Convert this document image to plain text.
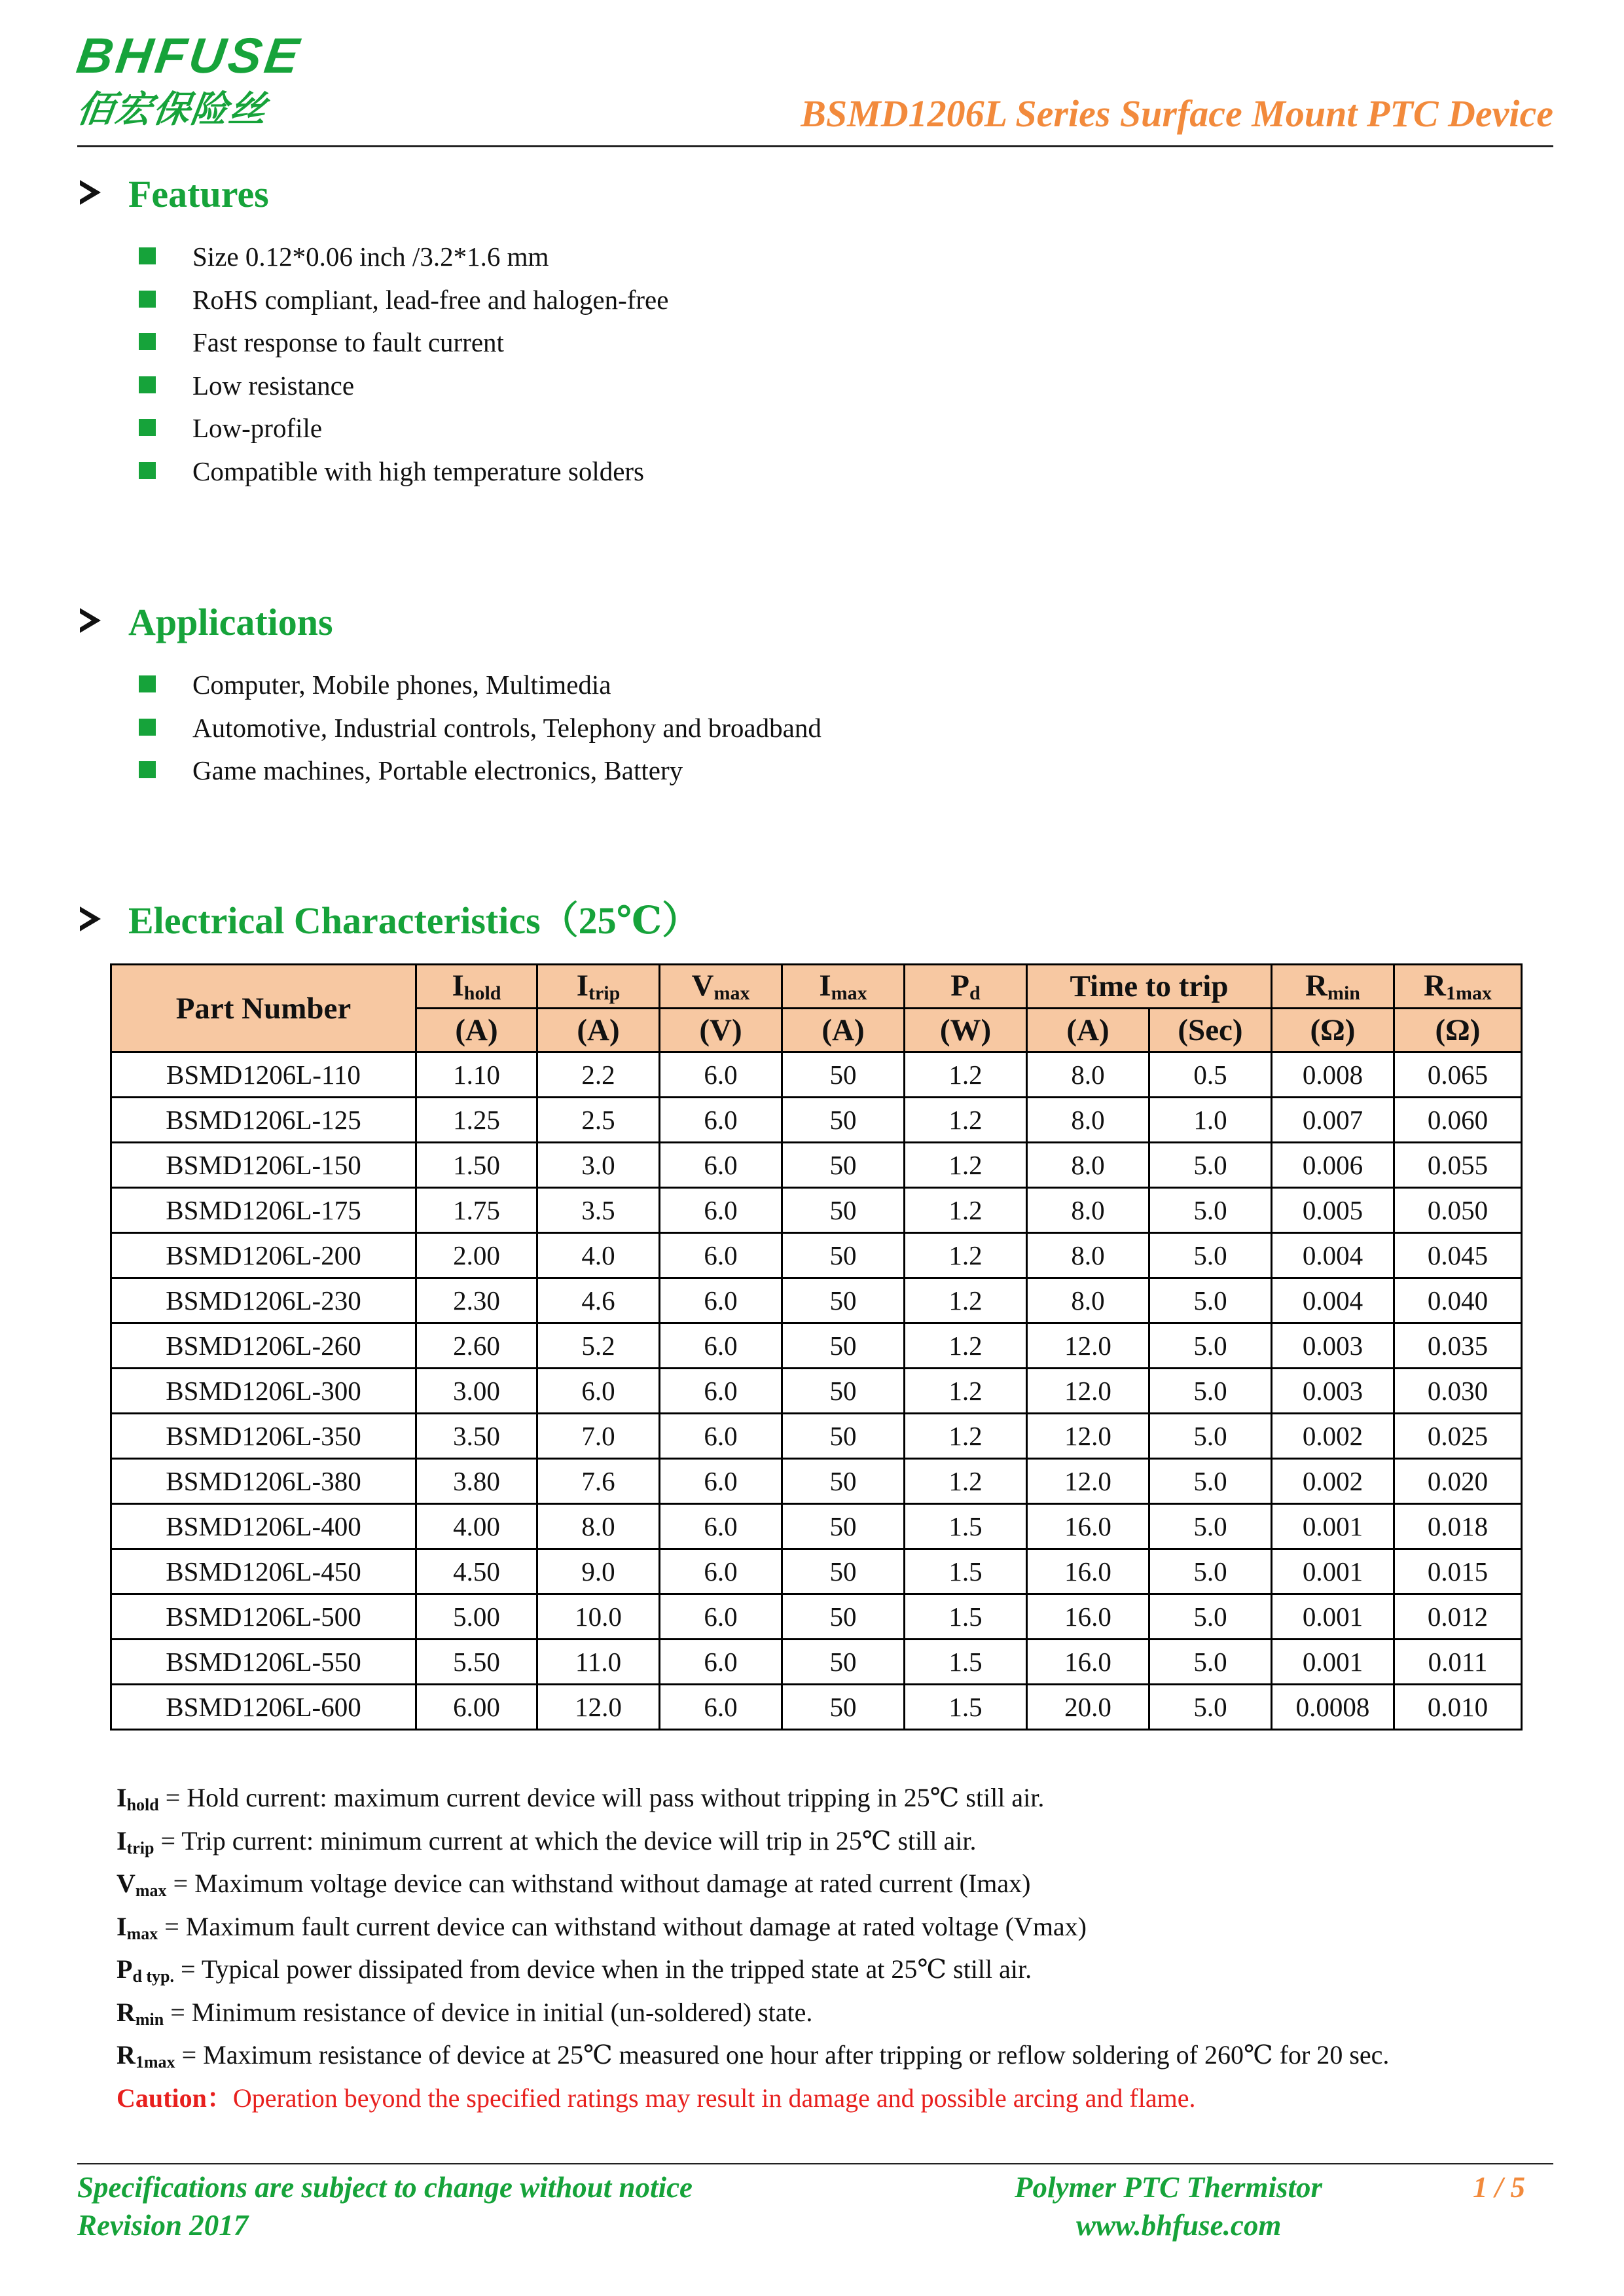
BHFUSE
佰宏保险丝	BSMD1206L Series Surface Mount PTC Device
Features
Size 0.12*0.06 inch /3.2*1.6 mm
RoHS compliant, lead-free and halogen-free
Fast response to fault current
Low resistance
Low-profile
Compatible with high temperature solders
Applications
Computer, Mobile phones, Multimedia
Automotive, Industrial controls, Telephony and broadband
Game machines, Portable electronics, Battery
Electrical Characteristics（25℃）
Part Number	$I_{hold}$	$I_{trip}$	$V_{max}$	$I_{max}$	$P_d$	Time to trip		$R_{min}$	$R_{1max}$
	(A)	(A)	(V)	(A)	(W)	(A)	(Sec)	(Ω)	(Ω)
BSMD1206L-110	1.10	2.2	6.0	50	1.2	8.0	0.5	0.008	0.065
BSMD1206L-125	1.25	2.5	6.0	50	1.2	8.0	1.0	0.007	0.060
BSMD1206L-150	1.50	3.0	6.0	50	1.2	8.0	5.0	0.006	0.055
BSMD1206L-175	1.75	3.5	6.0	50	1.2	8.0	5.0	0.005	0.050
BSMD1206L-200	2.00	4.0	6.0	50	1.2	8.0	5.0	0.004	0.045
BSMD1206L-230	2.30	4.6	6.0	50	1.2	8.0	5.0	0.004	0.040
BSMD1206L-260	2.60	5.2	6.0	50	1.2	12.0	5.0	0.003	0.035
BSMD1206L-300	3.00	6.0	6.0	50	1.2	12.0	5.0	0.003	0.030
BSMD1206L-350	3.50	7.0	6.0	50	1.2	12.0	5.0	0.002	0.025
BSMD1206L-380	3.80	7.6	6.0	50	1.2	12.0	5.0	0.002	0.020
BSMD1206L-400	4.00	8.0	6.0	50	1.5	16.0	5.0	0.001	0.018
BSMD1206L-450	4.50	9.0	6.0	50	1.5	16.0	5.0	0.001	0.015
BSMD1206L-500	5.00	10.0	6.0	50	1.5	16.0	5.0	0.001	0.012
BSMD1206L-550	5.50	11.0	6.0	50	1.5	16.0	5.0	0.001	0.011
BSMD1206L-600	6.00	12.0	6.0	50	1.5	20.0	5.0	0.0008	0.010
$I_{hold}$ = Hold current: maximum current device will pass without tripping in 25℃ still air.
$I_{trip}$ = Trip current: minimum current at which the device will trip in 25℃ still air.
$V_{max}$ = Maximum voltage device can withstand without damage at rated current (Imax)
$I_{max}$ = Maximum fault current device can withstand without damage at rated voltage (Vmax)
$P_{d typ.}$ = Typical power dissipated from device when in the tripped state at 25℃ still air.
$R_{min}$ = Minimum resistance of device in initial (un-soldered) state.
$R_{1max}$ = Maximum resistance of device at 25℃ measured one hour after tripping or reflow soldering of 260℃ for 20 sec.
Caution：Operation beyond the specified ratings may result in damage and possible arcing and flame.
Specifications are subject to change without notice
Revision 2017
Polymer PTC Thermistor
www.bhfuse.com
1 / 5
